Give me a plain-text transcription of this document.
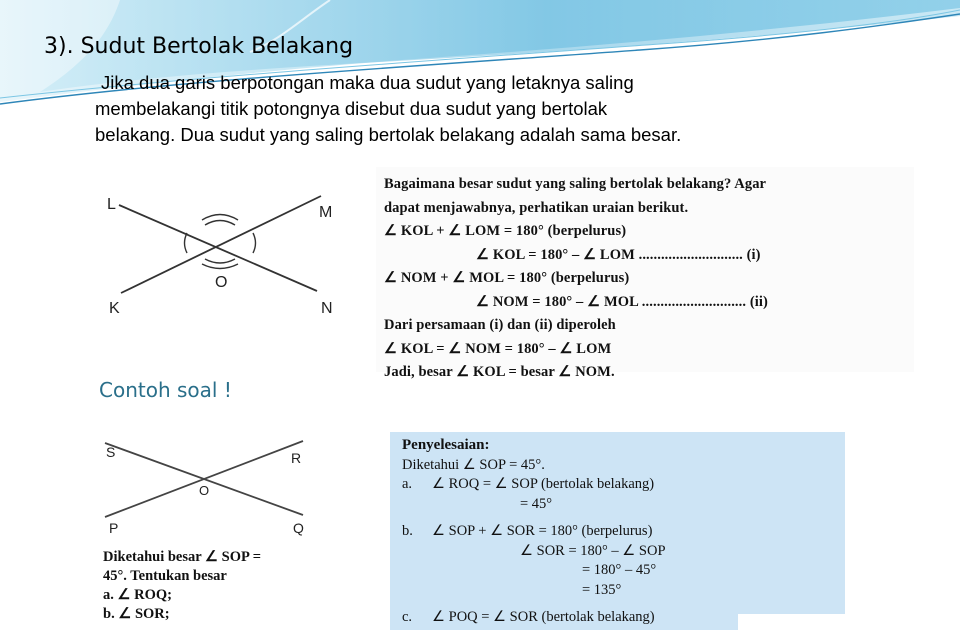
3). Sudut Bertolak Belakang
Jika dua garis berpotongan maka dua sudut yang letaknya saling
membelakangi titik potongnya disebut dua sudut yang bertolak
belakang. Dua sudut yang saling bertolak belakang adalah sama besar.
L	M
K	N
O
Bagaimana besar sudut yang saling bertolak belakang? Agar
dapat menjawabnya, perhatikan uraian berikut.
∠ KOL + ∠ LOM = 180° (berpelurus)
∠ KOL = 180° – ∠ LOM ............................ (i)
∠ NOM + ∠ MOL = 180° (berpelurus)
∠ NOM = 180° – ∠ MOL ............................ (ii)
Dari persamaan (i) dan (ii) diperoleh
∠ KOL = ∠ NOM = 180° – ∠ LOM
Jadi, besar ∠ KOL = besar ∠ NOM.
Contoh soal !
S	R
O
P	Q
Diketahui besar ∠ SOP =
45°. Tentukan besar
a. ∠ ROQ;
b. ∠ SOR;
Penyelesaian:
Diketahui ∠ SOP = 45°.
a. ∠ ROQ = ∠ SOP (bertolak belakang)
= 45°
b. ∠ SOP + ∠ SOR = 180° (berpelurus)
∠ SOR = 180° – ∠ SOP
= 180° – 45°
= 135°
c. ∠ POQ = ∠ SOR (bertolak belakang)
